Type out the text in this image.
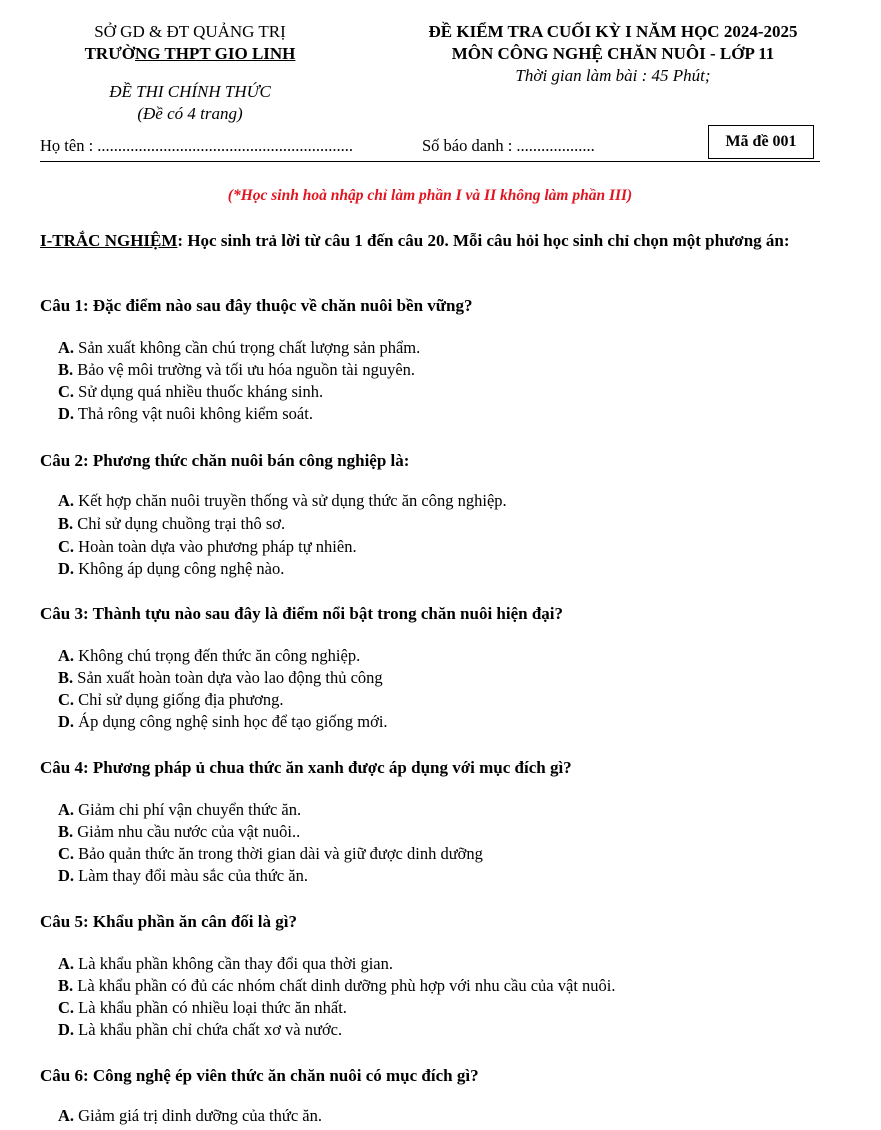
SỞ GD & ĐT QUẢNG TRỊ
TRƯỜNG THPT GIO LINH
ĐỀ THI CHÍNH THỨC
(Đề có 4 trang)
ĐỀ KIỂM TRA CUỐI KỲ I NĂM HỌC 2024-2025
MÔN CÔNG NGHỆ CHĂN NUÔI - LỚP 11
Thời gian làm bài : 45 Phút;
Họ tên : ..............................................................	Số báo danh : ...................	Mã đề 001
(*Học sinh hoà nhập chỉ làm phần I và II không làm phần III)
I-TRẮC NGHIỆM: Học sinh trả lời từ câu 1 đến câu 20. Mỗi câu hỏi học sinh chỉ chọn một phương án:
Câu 1: Đặc điểm nào sau đây thuộc về chăn nuôi bền vững?
A. Sản xuất không cần chú trọng chất lượng sản phẩm.
B. Bảo vệ môi trường và tối ưu hóa nguồn tài nguyên.
C. Sử dụng quá nhiều thuốc kháng sinh.
D. Thả rông vật nuôi không kiểm soát.
Câu 2: Phương thức chăn nuôi bán công nghiệp là:
A. Kết hợp chăn nuôi truyền thống và sử dụng thức ăn công nghiệp.
B. Chỉ sử dụng chuồng trại thô sơ.
C. Hoàn toàn dựa vào phương pháp tự nhiên.
D. Không áp dụng công nghệ nào.
Câu 3: Thành tựu nào sau đây là điểm nổi bật trong chăn nuôi hiện đại?
A. Không chú trọng đến thức ăn công nghiệp.
B. Sản xuất hoàn toàn dựa vào lao động thủ công
C. Chỉ sử dụng giống địa phương.
D. Áp dụng công nghệ sinh học để tạo giống mới.
Câu 4: Phương pháp ủ chua thức ăn xanh được áp dụng với mục đích gì?
A. Giảm chi phí vận chuyển thức ăn.
B. Giảm nhu cầu nước của vật nuôi..
C. Bảo quản thức ăn trong thời gian dài và giữ được dinh dưỡng
D. Làm thay đổi màu sắc của thức ăn.
Câu 5: Khẩu phần ăn cân đối là gì?
A. Là khẩu phần không cần thay đổi qua thời gian.
B. Là khẩu phần có đủ các nhóm chất dinh dưỡng phù hợp với nhu cầu của vật nuôi.
C. Là khẩu phần có nhiều loại thức ăn nhất.
D. Là khẩu phần chỉ chứa chất xơ và nước.
Câu 6: Công nghệ ép viên thức ăn chăn nuôi có mục đích gì?
A. Giảm giá trị dinh dưỡng của thức ăn.
